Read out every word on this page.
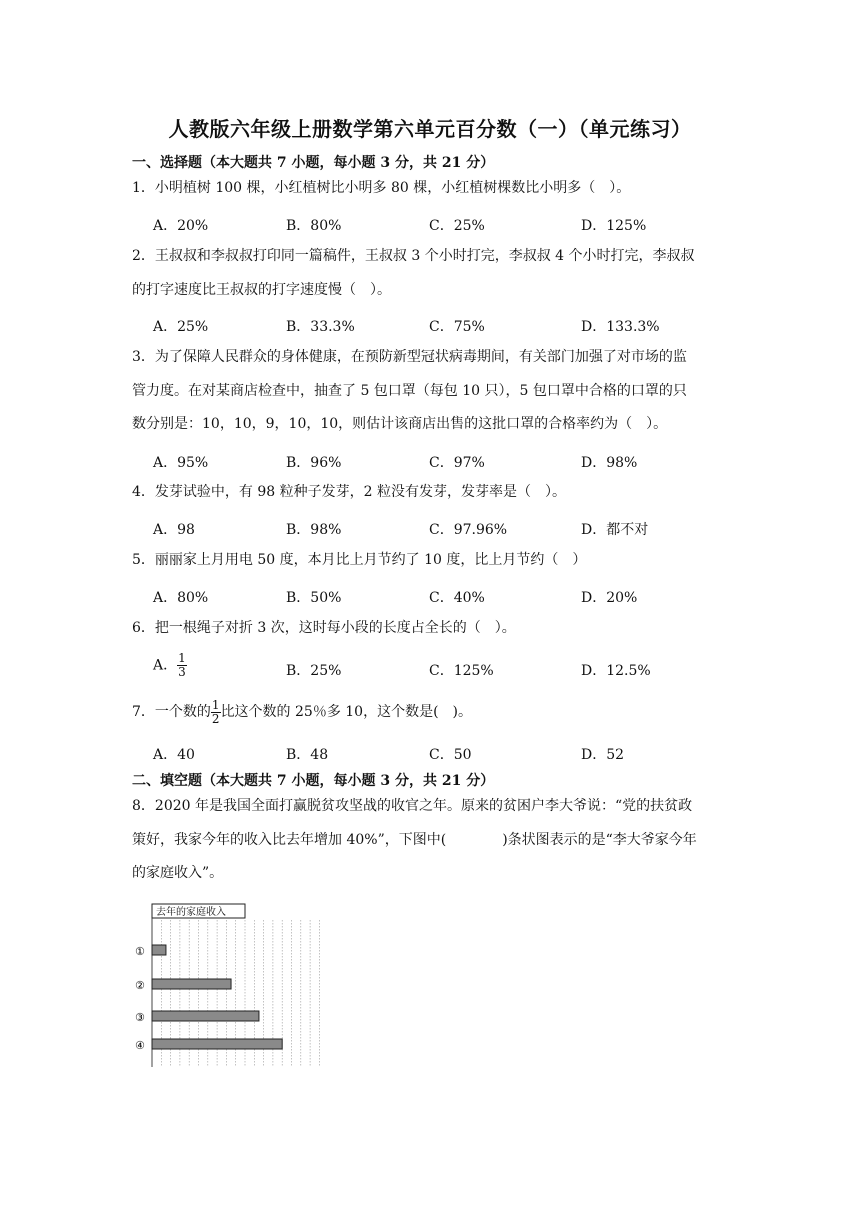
人教版六年级上册数学第六单元百分数（一）（单元练习）
一、选择题（本大题共 7 小题，每小题 3 分，共 21 分）
1．小明植树 100 棵，小红植树比小明多 80 棵，小红植树棵数比小明多（　）。
A．20%	B．80%	C．25%	D．125%
2．王叔叔和李叔叔打印同一篇稿件，王叔叔 3 个小时打完，李叔叔 4 个小时打完，李叔叔
的打字速度比王叔叔的打字速度慢（　）。
A．25%	B．33.3%	C．75%	D．133.3%
3．为了保障人民群众的身体健康，在预防新型冠状病毒期间，有关部门加强了对市场的监
管力度。在对某商店检查中，抽查了 5 包口罩（每包 10 只），5 包口罩中合格的口罩的只
数分别是：10，10，9，10，10，则估计该商店出售的这批口罩的合格率约为（　）。
A．95%	B．96%	C．97%	D．98%
4．发芽试验中，有 98 粒种子发芽，2 粒没有发芽，发芽率是（　）。
A．98	B．98%	C．97.96%	D．都不对
5．丽丽家上月用电 50 度，本月比上月节约了 10 度，比上月节约（　）
A．80%	B．50%	C．40%	D．20%
6．把一根绳子对折 3 次，这时每小段的长度占全长的（　）。
A． $\frac{1}{3}$	B．25%	C．125%	D．12.5%
7．一个数的 $\frac{1}{2}$ 比这个数的 25％多 10，这个数是(　)。
A．40	B．48	C．50	D．52
二、填空题（本大题共 7 小题，每小题 3 分，共 21 分）
8．2020 年是我国全面打赢脱贫攻坚战的收官之年。原来的贫困户李大爷说：“党的扶贫政
策好，我家今年的收入比去年增加 40%”，下图中(	)条状图表示的是“李大爷家今年
的家庭收入”。
去年的家庭收入
①
②
③
④
